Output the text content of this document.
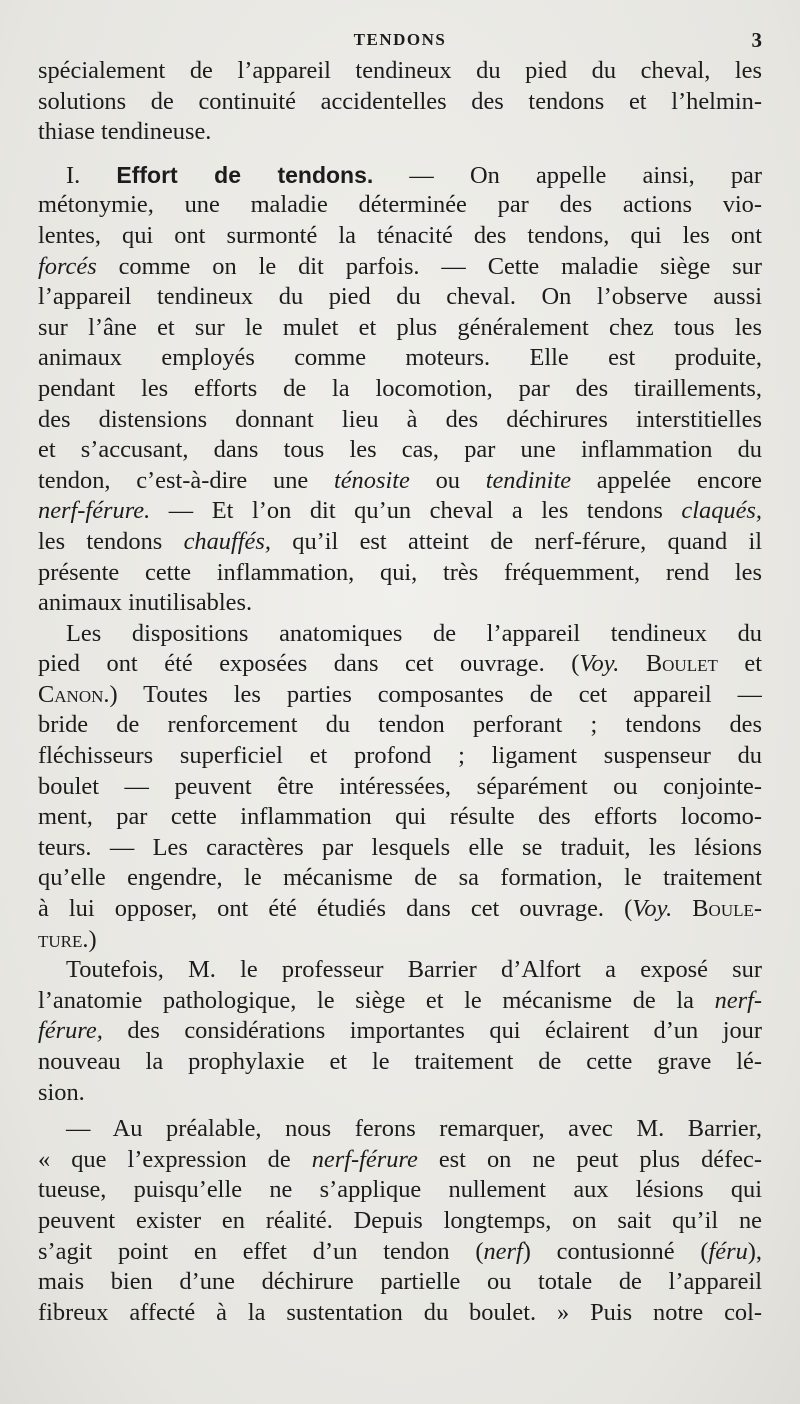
TENDONS	3

spécialement de l’appareil tendineux du pied du cheval, les
solutions de continuité accidentelles des tendons et l’helmin-
thiase tendineuse.

I. Effort de tendons. — On appelle ainsi, par
métonymie, une maladie déterminée par des actions vio-
lentes, qui ont surmonté la ténacité des tendons, qui les ont
forcés comme on le dit parfois. — Cette maladie siège sur
l’appareil tendineux du pied du cheval. On l’observe aussi
sur l’âne et sur le mulet et plus généralement chez tous les
animaux employés comme moteurs. Elle est produite,
pendant les efforts de la locomotion, par des tiraillements,
des distensions donnant lieu à des déchirures interstitielles
et s’accusant, dans tous les cas, par une inflammation du
tendon, c’est-à-dire une ténosite ou tendinite appelée encore
nerf-férure. — Et l’on dit qu’un cheval a les tendons claqués,
les tendons chauffés, qu’il est atteint de nerf-férure, quand il
présente cette inflammation, qui, très fréquemment, rend les
animaux inutilisables.

Les dispositions anatomiques de l’appareil tendineux du
pied ont été exposées dans cet ouvrage. (Voy. Boulet et
Canon.) Toutes les parties composantes de cet appareil —
bride de renforcement du tendon perforant ; tendons des
fléchisseurs superficiel et profond ; ligament suspenseur du
boulet — peuvent être intéressées, séparément ou conjointe-
ment, par cette inflammation qui résulte des efforts locomo-
teurs. — Les caractères par lesquels elle se traduit, les lésions
qu’elle engendre, le mécanisme de sa formation, le traitement
à lui opposer, ont été étudiés dans cet ouvrage. (Voy. Boule-
ture.)

Toutefois, M. le professeur Barrier d’Alfort a exposé sur
l’anatomie pathologique, le siège et le mécanisme de la nerf-
férure, des considérations importantes qui éclairent d’un jour
nouveau la prophylaxie et le traitement de cette grave lé-
sion.

— Au préalable, nous ferons remarquer, avec M. Barrier,
« que l’expression de nerf-férure est on ne peut plus défec-
tueuse, puisqu’elle ne s’applique nullement aux lésions qui
peuvent exister en réalité. Depuis longtemps, on sait qu’il ne
s’agit point en effet d’un tendon (nerf) contusionné (féru),
mais bien d’une déchirure partielle ou totale de l’appareil
fibreux affecté à la sustentation du boulet. » Puis notre col-
